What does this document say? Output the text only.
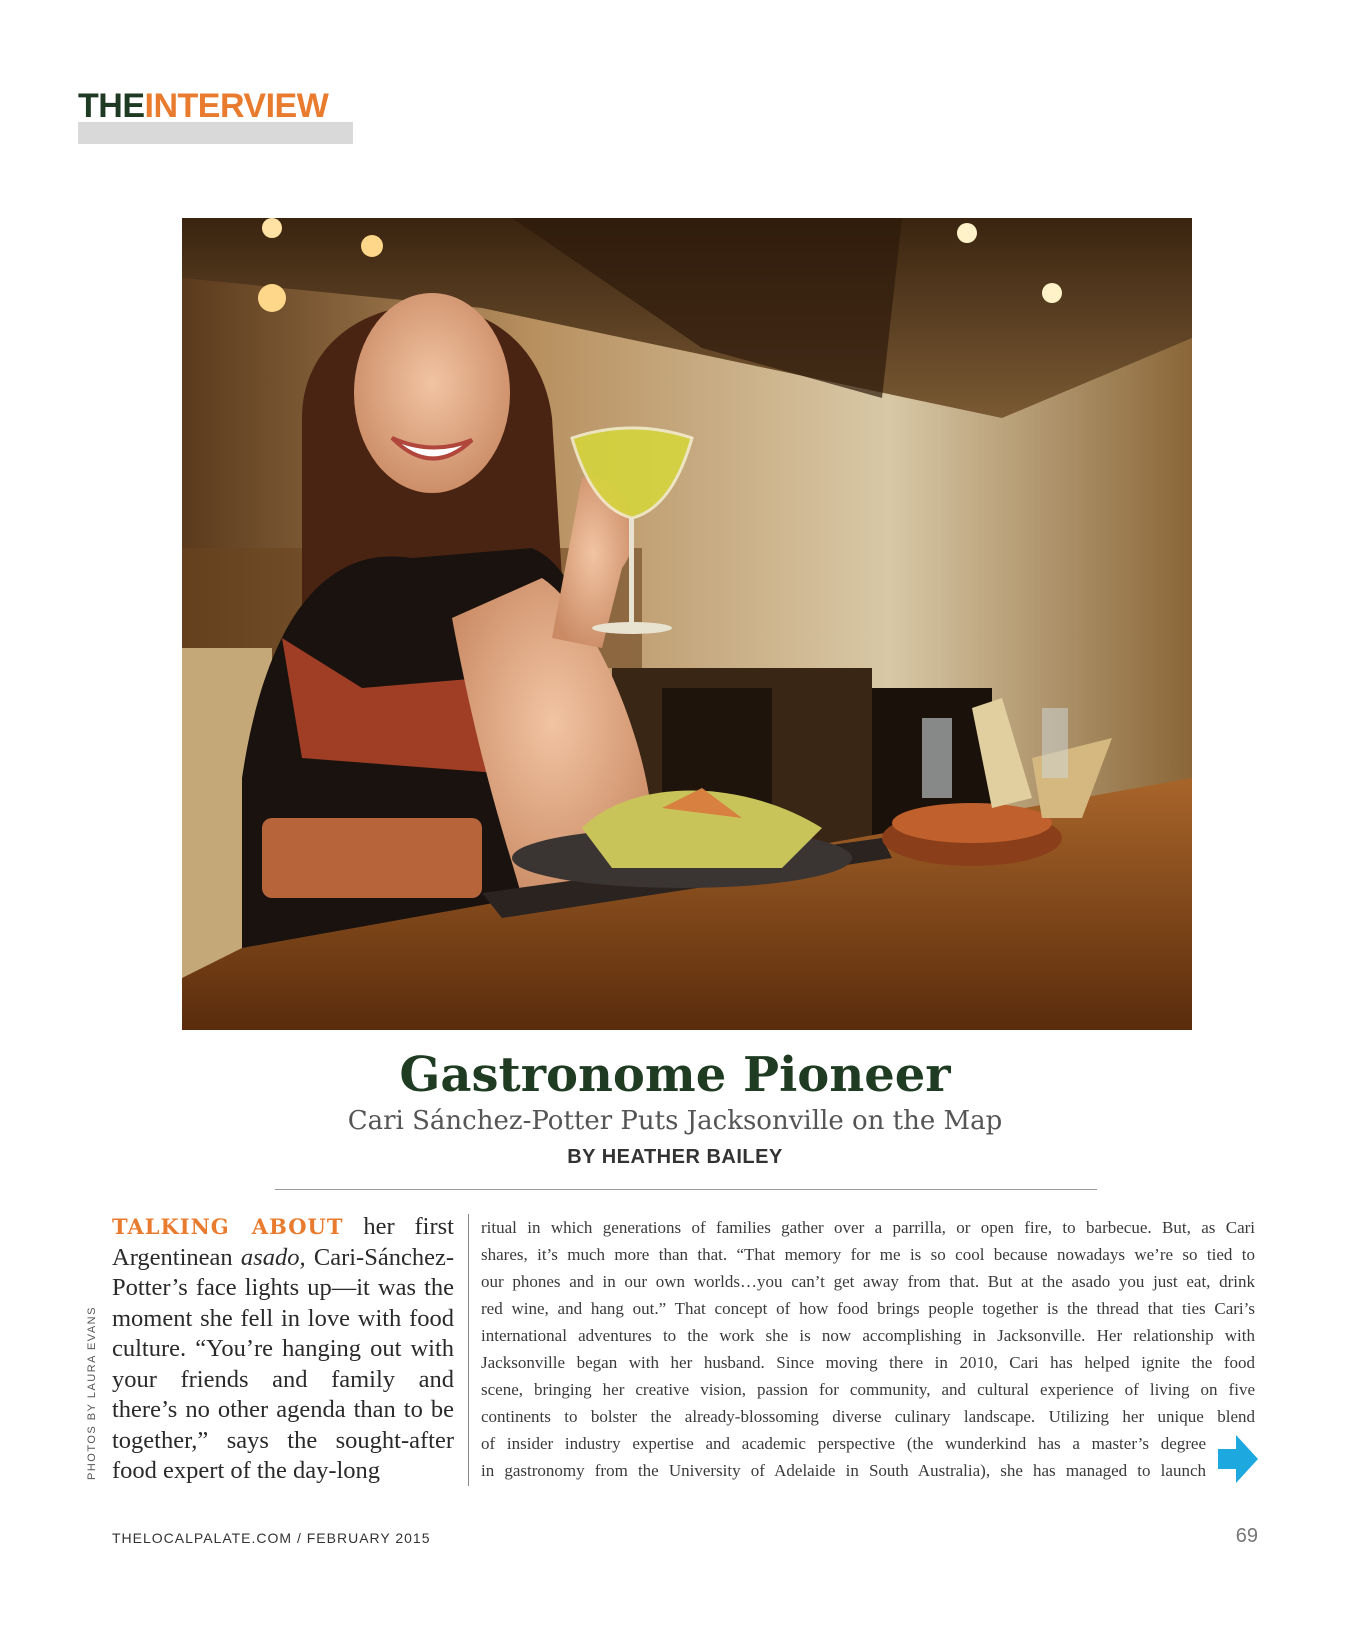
THEINTERVIEW
Gastronome Pioneer
Cari Sánchez-Potter Puts Jacksonville on the Map
BY HEATHER BAILEY
PHOTOS BY LAURA EVANS
TALKING ABOUT her first Argentinean asado, Cari-Sánchez-Potter’s face lights up—it was the moment she fell in love with food culture. “You’re hanging out with your friends and family and there’s no other agenda than to be together,” says the sought-after food expert of the day-long
ritual in which generations of families gather over a parrilla, or open fire, to barbecue. But, as Cari
shares, it’s much more than that. “That memory for me is so cool because nowadays we’re so tied to
our phones and in our own worlds…you can’t get away from that. But at the asado you just eat, drink
red wine, and hang out.” That concept of how food brings people together is the thread that ties Cari’s
international adventures to the work she is now accomplishing in Jacksonville. Her relationship with
Jacksonville began with her husband. Since moving there in 2010, Cari has helped ignite the food
scene, bringing her creative vision, passion for community, and cultural experience of living on five
continents to bolster the already-blossoming diverse culinary landscape. Utilizing her unique blend
of insider industry expertise and academic perspective (the wunderkind has a master’s degree
in gastronomy from the University of Adelaide in South Australia), she has managed to launch
THELOCALPALATE.COM / FEBRUARY 2015	69
